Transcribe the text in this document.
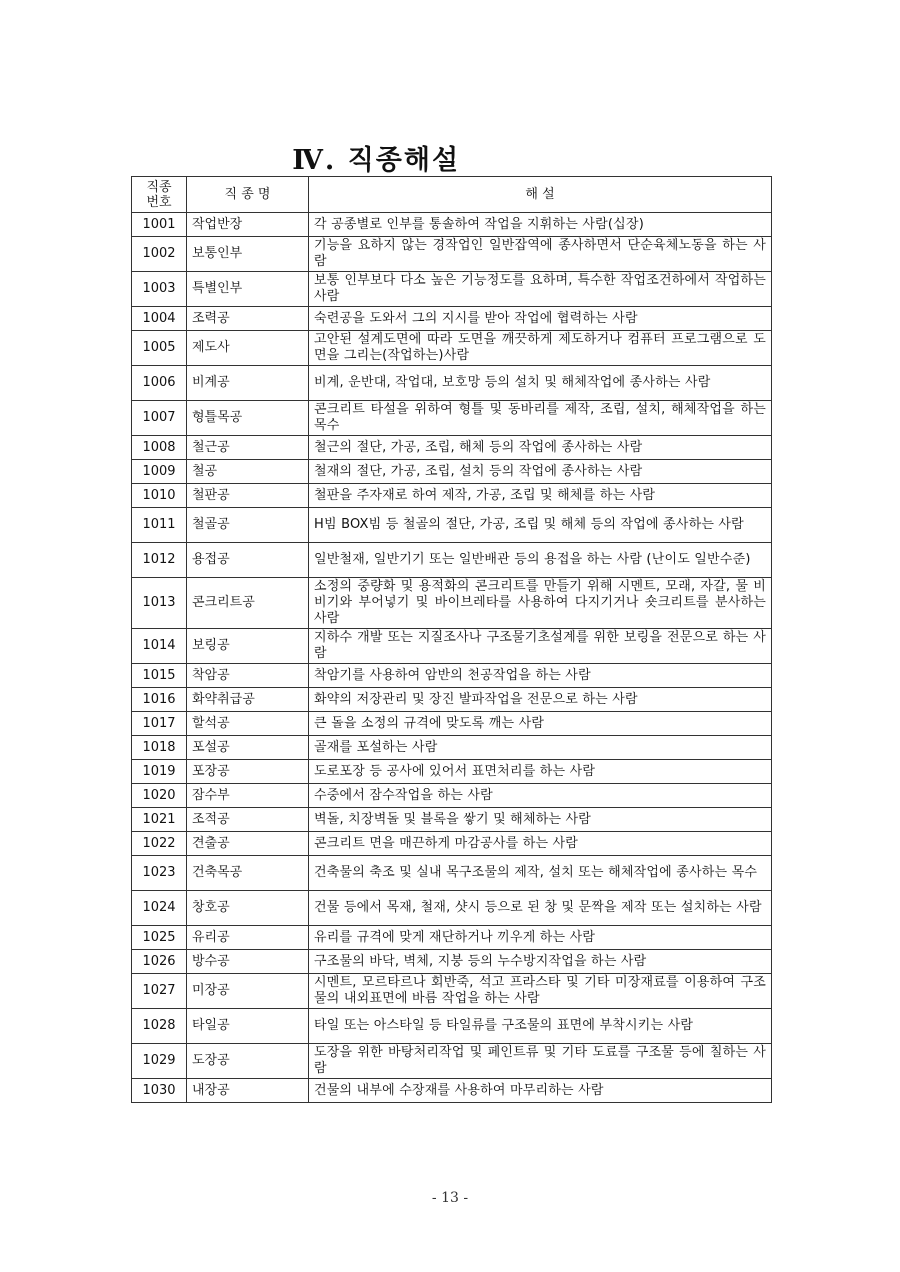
Ⅳ. 직종해설
직종
번호	직 종 명	해 설
1001	작업반장	각 공종별로 인부를 통솔하여 작업을 지휘하는 사람(십장)
1002	보통인부	기능을 요하지 않는 경작업인 일반잡역에 종사하면서 단순육체노동을 하는 사람
1003	특별인부	보통 인부보다 다소 높은 기능정도를 요하며, 특수한 작업조건하에서 작업하는 사람
1004	조력공	숙련공을 도와서 그의 지시를 받아 작업에 협력하는 사람
1005	제도사	고안된 설계도면에 따라 도면을 깨끗하게 제도하거나 컴퓨터 프로그램으로 도면을 그리는(작업하는)사람
1006	비계공	비계, 운반대, 작업대, 보호망 등의 설치 및 해체작업에 종사하는 사람
1007	형틀목공	콘크리트 타설을 위하여 형틀 및 동바리를 제작, 조립, 설치, 해체작업을 하는 목수
1008	철근공	철근의 절단, 가공, 조립, 해체 등의 작업에 종사하는 사람
1009	철공	철재의 절단, 가공, 조립, 설치 등의 작업에 종사하는 사람
1010	철판공	철판을 주자재로 하여 제작, 가공, 조립 및 해체를 하는 사람
1011	철골공	H빔 BOX빔 등 철골의 절단, 가공, 조립 및 해체 등의 작업에 종사하는 사람
1012	용접공	일반철재, 일반기기 또는 일반배관 등의 용접을 하는 사람 (난이도 일반수준)
1013	콘크리트공	소정의 중량화 및 용적화의 콘크리트를 만들기 위해 시멘트, 모래, 자갈, 물 비비기와 부어넣기 및 바이브레타를 사용하여 다지기거나 숏크리트를 분사하는 사람
1014	보링공	지하수 개발 또는 지질조사나 구조물기초설계를 위한 보링을 전문으로 하는 사람
1015	착암공	착암기를 사용하여 암반의 천공작업을 하는 사람
1016	화약취급공	화약의 저장관리 및 장진 발파작업을 전문으로 하는 사람
1017	할석공	큰 돌을 소정의 규격에 맞도록 깨는 사람
1018	포설공	골재를 포설하는 사람
1019	포장공	도로포장 등 공사에 있어서 표면처리를 하는 사람
1020	잠수부	수중에서 잠수작업을 하는 사람
1021	조적공	벽돌, 치장벽돌 및 블록을 쌓기 및 해체하는 사람
1022	견출공	콘크리트 면을 매끈하게 마감공사를 하는 사람
1023	건축목공	건축물의 축조 및 실내 목구조물의 제작, 설치 또는 해체작업에 종사하는 목수
1024	창호공	건물 등에서 목재, 철재, 샷시 등으로 된 창 및 문짝을 제작 또는 설치하는 사람
1025	유리공	유리를 규격에 맞게 재단하거나 끼우게 하는 사람
1026	방수공	구조물의 바닥, 벽체, 지붕 등의 누수방지작업을 하는 사람
1027	미장공	시멘트, 모르타르나 회반죽, 석고 프라스타 및 기타 미장재료를 이용하여 구조물의 내외표면에 바름 작업을 하는 사람
1028	타일공	타일 또는 아스타일 등 타일류를 구조물의 표면에 부착시키는 사람
1029	도장공	도장을 위한 바탕처리작업 및 페인트류 및 기타 도료를 구조물 등에 칠하는 사람
1030	내장공	건물의 내부에 수장재를 사용하여 마무리하는 사람
- 13 -
